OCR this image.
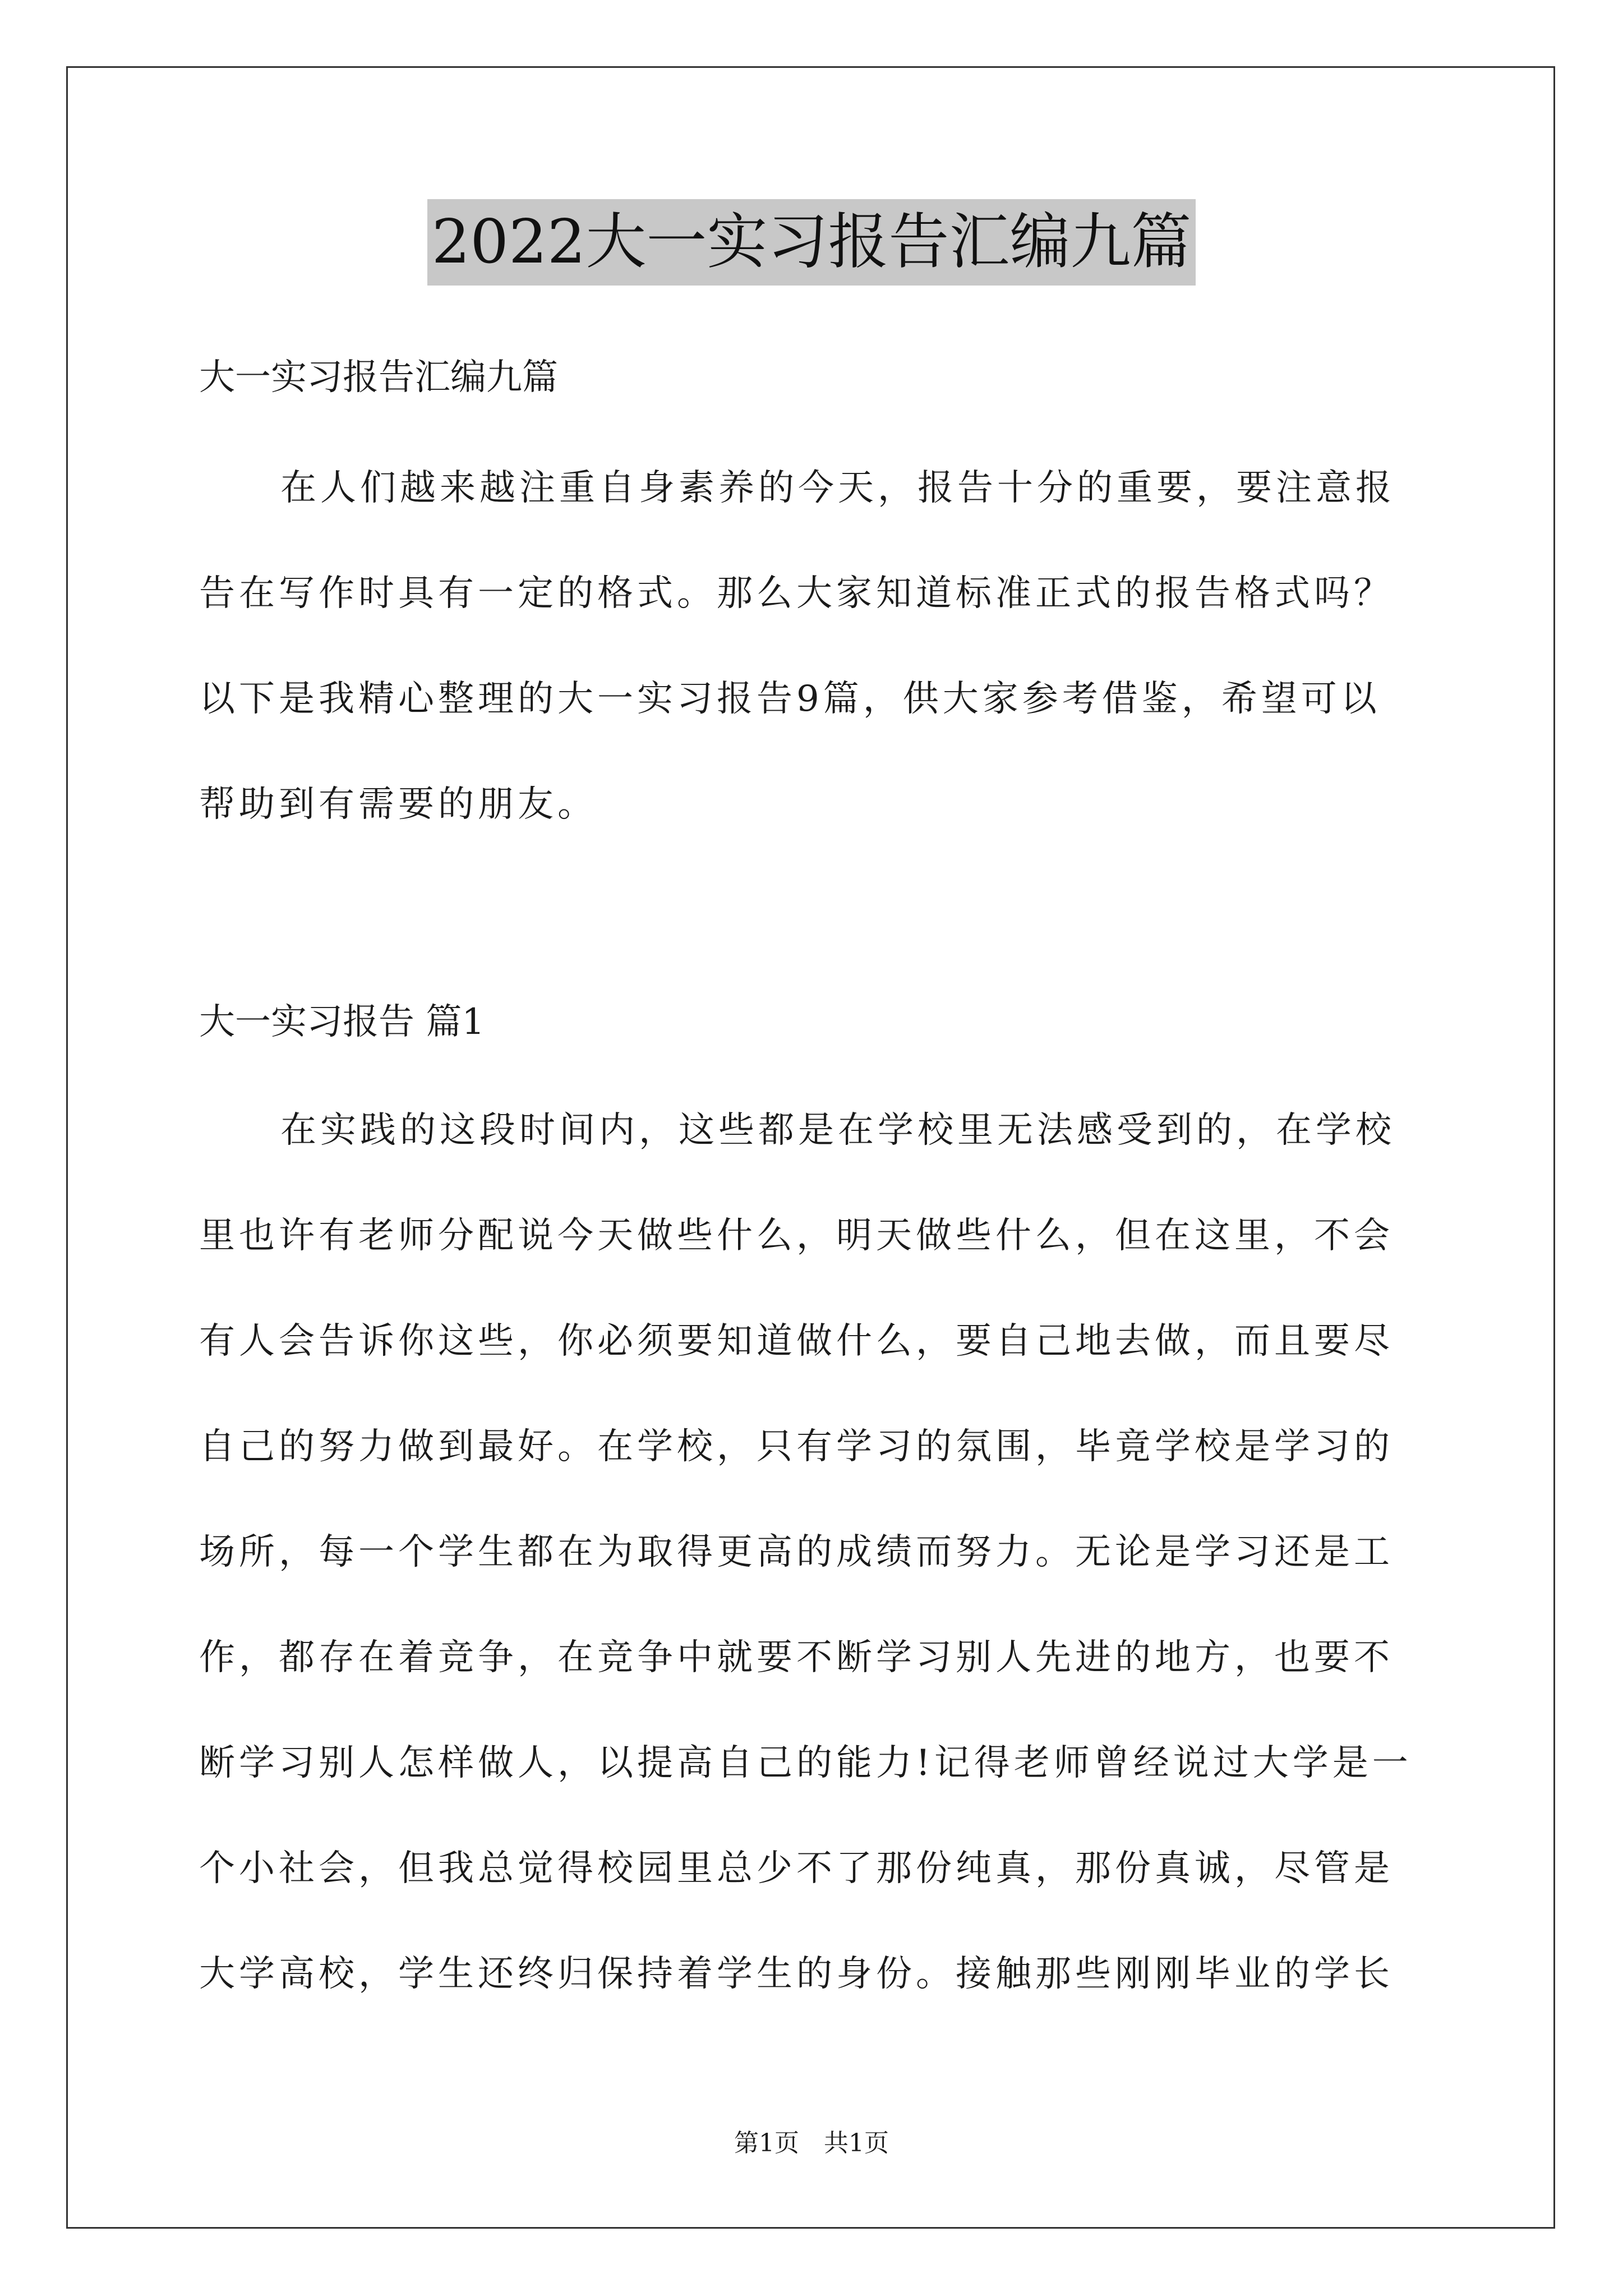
2022大一实习报告汇编九篇
大一实习报告汇编九篇
在人们越来越注重自身素养的今天，报告十分的重要，要注意报
告在写作时具有一定的格式。那么大家知道标准正式的报告格式吗？
以下是我精心整理的大一实习报告9篇，供大家参考借鉴，希望可以
帮助到有需要的朋友。
大一实习报告 篇1
在实践的这段时间内，这些都是在学校里无法感受到的，在学校
里也许有老师分配说今天做些什么，明天做些什么，但在这里，不会
有人会告诉你这些，你必须要知道做什么，要自己地去做，而且要尽
自己的努力做到最好。在学校，只有学习的氛围，毕竟学校是学习的
场所，每一个学生都在为取得更高的成绩而努力。无论是学习还是工
作，都存在着竞争，在竞争中就要不断学习别人先进的地方，也要不
断学习别人怎样做人，以提高自己的能力!记得老师曾经说过大学是一
个小社会，但我总觉得校园里总少不了那份纯真，那份真诚，尽管是
大学高校，学生还终归保持着学生的身份。接触那些刚刚毕业的学长
第1页　共1页
